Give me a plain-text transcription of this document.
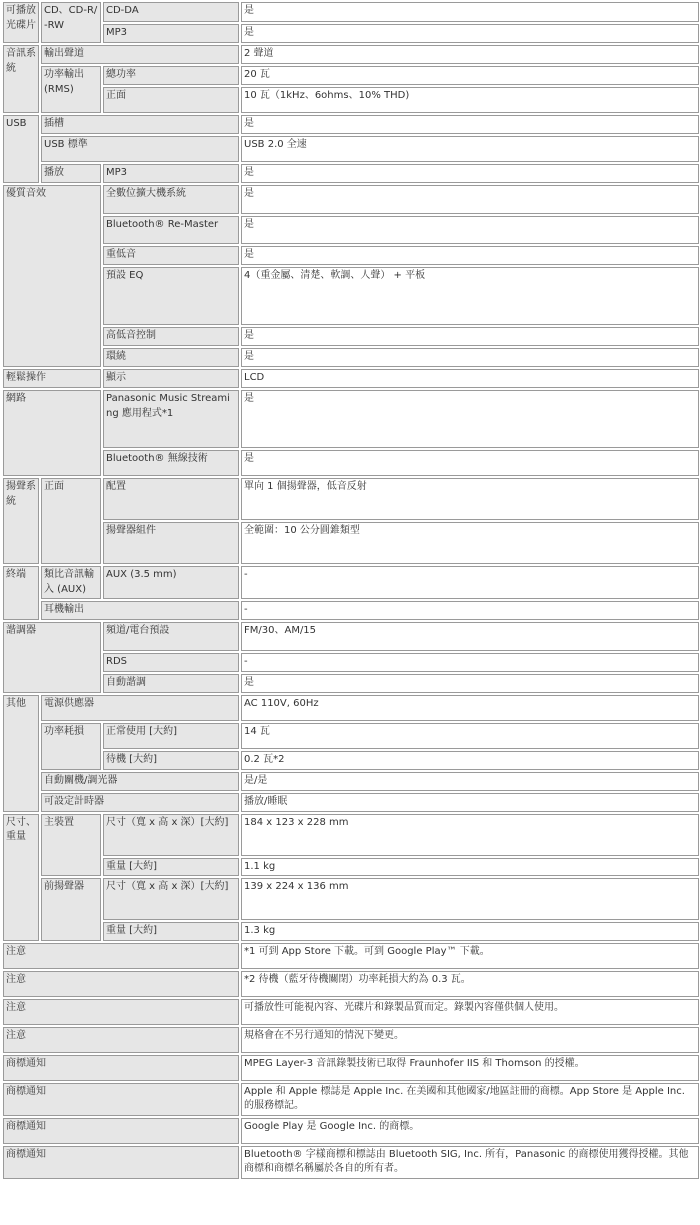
可播放光碟片	CD、CD-R/-RW	CD-DA	是
		MP3	是
音訊系統	輸出聲道		2 聲道
	功率輸出 (RMS)	總功率	20 瓦
		正面	10 瓦（1kHz、6ohms、10% THD)
USB	插槽		是
	USB 標準		USB 2.0 全速
	播放	MP3	是
優質音效		全數位擴大機系統	是
		Bluetooth® Re-Master	是
		重低音	是
		預設 EQ	4（重金屬、清楚、軟調、人聲） + 平板
		高低音控制	是
		環繞	是
輕鬆操作		顯示	LCD
網路		Panasonic Music Streaming 應用程式*1	是
		Bluetooth® 無線技術	是
揚聲系統	正面	配置	單向 1 個揚聲器，低音反射
		揚聲器組件	全範圍：10 公分圓錐類型
終端	類比音訊輸入 (AUX)	AUX (3.5 mm)	-
	耳機輸出		-
諧調器		頻道/電台預設	FM/30、AM/15
		RDS	-
		自動諧調	是
其他	電源供應器		AC 110V, 60Hz
	功率耗損	正常使用 [大約]	14 瓦
		待機 [大約]	0.2 瓦*2
	自動關機/調光器		是/是
	可設定計時器		播放/睡眠
尺寸、重量	主裝置	尺寸（寬 x 高 x 深）[大約]	184 x 123 x 228 mm
		重量 [大約]	1.1 kg
	前揚聲器	尺寸（寬 x 高 x 深）[大約]	139 x 224 x 136 mm
		重量 [大約]	1.3 kg
注意			*1 可到 App Store 下載。可到 Google Play™ 下載。
注意			*2 待機（藍牙待機關閉）功率耗損大約為 0.3 瓦。
注意			可播放性可能視內容、光碟片和錄製品質而定。錄製內容僅供個人使用。
注意			規格會在不另行通知的情況下變更。
商標通知			MPEG Layer-3 音訊錄製技術已取得 Fraunhofer IIS 和 Thomson 的授權。
商標通知			Apple 和 Apple 標誌是 Apple Inc. 在美國和其他國家/地區註冊的商標。App Store 是 Apple Inc. 的服務標記。
商標通知			Google Play 是 Google Inc. 的商標。
商標通知			Bluetooth® 字樣商標和標誌由 Bluetooth SIG, Inc. 所有，Panasonic 的商標使用獲得授權。其他商標和商標名稱屬於各自的所有者。
